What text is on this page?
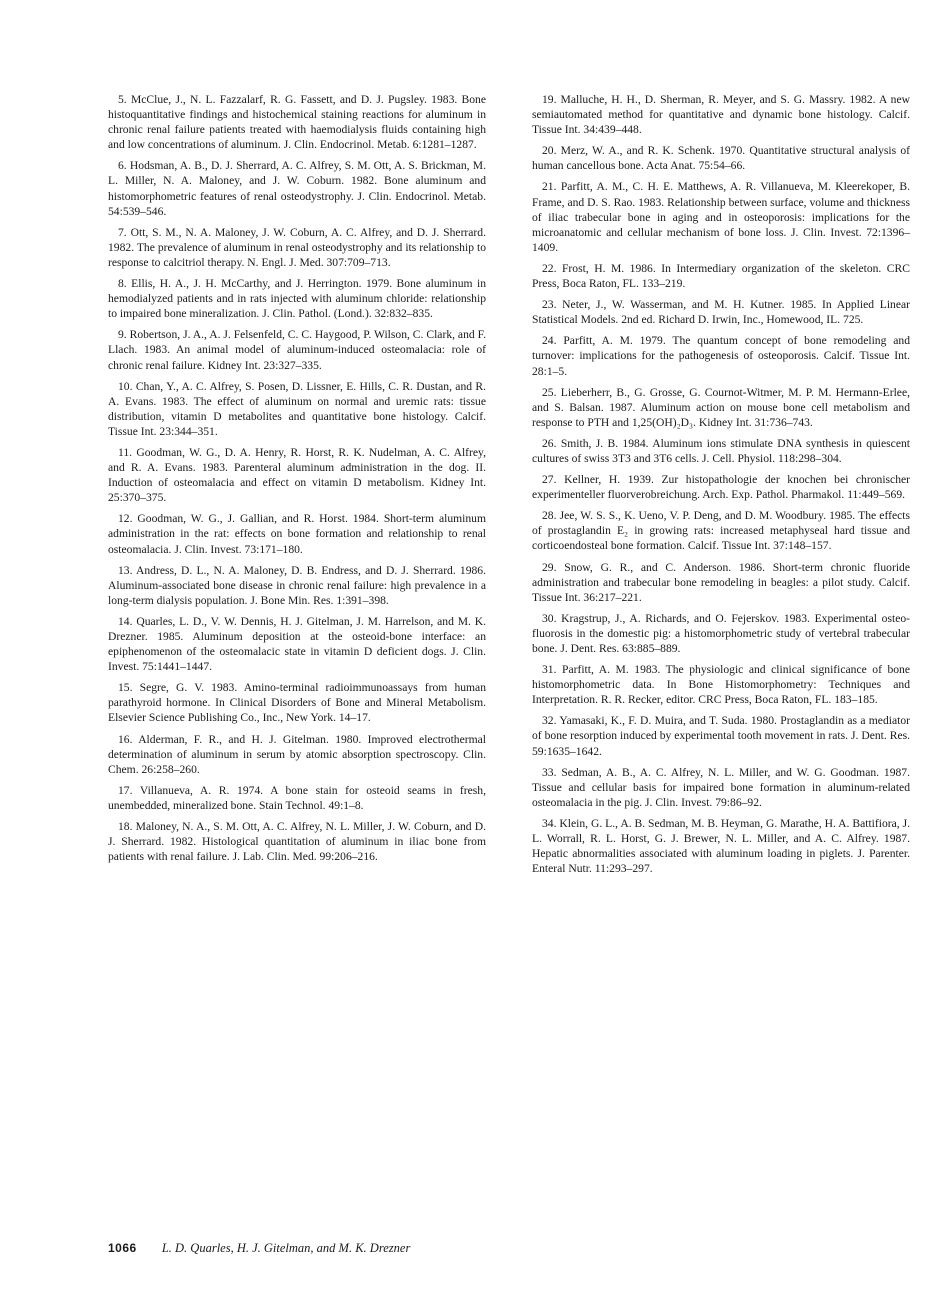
5. McClue, J., N. L. Fazzalarf, R. G. Fassett, and D. J. Pugsley. 1983. Bone histoquantitative findings and histochemical staining reactions for aluminum in chronic renal failure patients treated with haemodialysis fluids containing high and low concentrations of aluminum. J. Clin. Endocrinol. Metab. 6:1281–1287.

6. Hodsman, A. B., D. J. Sherrard, A. C. Alfrey, S. M. Ott, A. S. Brickman, M. L. Miller, N. A. Maloney, and J. W. Coburn. 1982. Bone aluminum and histomorphometric features of renal osteodystrophy. J. Clin. Endocrinol. Metab. 54:539–546.

7. Ott, S. M., N. A. Maloney, J. W. Coburn, A. C. Alfrey, and D. J. Sherrard. 1982. The prevalence of aluminum in renal osteodystrophy and its relationship to response to calcitriol therapy. N. Engl. J. Med. 307:709–713.

8. Ellis, H. A., J. H. McCarthy, and J. Herrington. 1979. Bone aluminum in hemodialyzed patients and in rats injected with aluminum chloride: relationship to impaired bone mineralization. J. Clin. Pathol. (Lond.). 32:832–835.

9. Robertson, J. A., A. J. Felsenfeld, C. C. Haygood, P. Wilson, C. Clark, and F. Llach. 1983. An animal model of aluminum-induced osteomalacia: role of chronic renal failure. Kidney Int. 23:327–335.

10. Chan, Y., A. C. Alfrey, S. Posen, D. Lissner, E. Hills, C. R. Dustan, and R. A. Evans. 1983. The effect of aluminum on normal and uremic rats: tissue distribution, vitamin D metabolites and quantitative bone histology. Calcif. Tissue Int. 23:344–351.

11. Goodman, W. G., D. A. Henry, R. Horst, R. K. Nudelman, A. C. Alfrey, and R. A. Evans. 1983. Parenteral aluminum administration in the dog. II. Induction of osteomalacia and effect on vitamin D metabolism. Kidney Int. 25:370–375.

12. Goodman, W. G., J. Gallian, and R. Horst. 1984. Short-term aluminum administration in the rat: effects on bone formation and relationship to renal osteomalacia. J. Clin. Invest. 73:171–180.

13. Andress, D. L., N. A. Maloney, D. B. Endress, and D. J. Sherrard. 1986. Aluminum-associated bone disease in chronic renal failure: high prevalence in a long-term dialysis population. J. Bone Min. Res. 1:391–398.

14. Quarles, L. D., V. W. Dennis, H. J. Gitelman, J. M. Harrelson, and M. K. Drezner. 1985. Aluminum deposition at the osteoid-bone interface: an epiphenomenon of the osteomalacic state in vitamin D deficient dogs. J. Clin. Invest. 75:1441–1447.

15. Segre, G. V. 1983. Amino-terminal radioimmunoassays from human parathyroid hormone. In Clinical Disorders of Bone and Mineral Metabolism. Elsevier Science Publishing Co., Inc., New York. 14–17.

16. Alderman, F. R., and H. J. Gitelman. 1980. Improved electrothermal determination of aluminum in serum by atomic absorption spectroscopy. Clin. Chem. 26:258–260.

17. Villanueva, A. R. 1974. A bone stain for osteoid seams in fresh, unembedded, mineralized bone. Stain Technol. 49:1–8.

18. Maloney, N. A., S. M. Ott, A. C. Alfrey, N. L. Miller, J. W. Coburn, and D. J. Sherrard. 1982. Histological quantitation of aluminum in iliac bone from patients with renal failure. J. Lab. Clin. Med. 99:206–216.

19. Malluche, H. H., D. Sherman, R. Meyer, and S. G. Massry. 1982. A new semiautomated method for quantitative and dynamic bone histology. Calcif. Tissue Int. 34:439–448.

20. Merz, W. A., and R. K. Schenk. 1970. Quantitative structural analysis of human cancellous bone. Acta Anat. 75:54–66.

21. Parfitt, A. M., C. H. E. Matthews, A. R. Villanueva, M. Kleerekoper, B. Frame, and D. S. Rao. 1983. Relationship between surface, volume and thickness of iliac trabecular bone in aging and in osteoporosis: implications for the microanatomic and cellular mechanism of bone loss. J. Clin. Invest. 72:1396–1409.

22. Frost, H. M. 1986. In Intermediary organization of the skeleton. CRC Press, Boca Raton, FL. 133–219.

23. Neter, J., W. Wasserman, and M. H. Kutner. 1985. In Applied Linear Statistical Models. 2nd ed. Richard D. Irwin, Inc., Homewood, IL. 725.

24. Parfitt, A. M. 1979. The quantum concept of bone remodeling and turnover: implications for the pathogenesis of osteoporosis. Calcif. Tissue Int. 28:1–5.

25. Lieberherr, B., G. Grosse, G. Cournot-Witmer, M. P. M. Hermann-Erlee, and S. Balsan. 1987. Aluminum action on mouse bone cell metabolism and response to PTH and 1,25(OH)₂D₃. Kidney Int. 31:736–743.

26. Smith, J. B. 1984. Aluminum ions stimulate DNA synthesis in quiescent cultures of swiss 3T3 and 3T6 cells. J. Cell. Physiol. 118:298–304.

27. Kellner, H. 1939. Zur histopathologie der knochen bei chronischer experimenteller fluorverobreichung. Arch. Exp. Pathol. Pharmakol. 11:449–569.

28. Jee, W. S. S., K. Ueno, V. P. Deng, and D. M. Woodbury. 1985. The effects of prostaglandin E₂ in growing rats: increased metaphyseal hard tissue and corticoendosteal bone formation. Calcif. Tissue Int. 37:148–157.

29. Snow, G. R., and C. Anderson. 1986. Short-term chronic fluoride administration and trabecular bone remodeling in beagles: a pilot study. Calcif. Tissue Int. 36:217–221.

30. Kragstrup, J., A. Richards, and O. Fejerskov. 1983. Experimental osteo-fluorosis in the domestic pig: a histomorphometric study of vertebral trabecular bone. J. Dent. Res. 63:885–889.

31. Parfitt, A. M. 1983. The physiologic and clinical significance of bone histomorphometric data. In Bone Histomorphometry: Techniques and Interpretation. R. R. Recker, editor. CRC Press, Boca Raton, FL. 183–185.

32. Yamasaki, K., F. D. Muira, and T. Suda. 1980. Prostaglandin as a mediator of bone resorption induced by experimental tooth movement in rats. J. Dent. Res. 59:1635–1642.

33. Sedman, A. B., A. C. Alfrey, N. L. Miller, and W. G. Goodman. 1987. Tissue and cellular basis for impaired bone formation in aluminum-related osteomalacia in the pig. J. Clin. Invest. 79:86–92.

34. Klein, G. L., A. B. Sedman, M. B. Heyman, G. Marathe, H. A. Battifiora, J. L. Worrall, R. L. Horst, G. J. Brewer, N. L. Miller, and A. C. Alfrey. 1987. Hepatic abnormalities associated with aluminum loading in piglets. J. Parenter. Enteral Nutr. 11:293–297.

1066 L. D. Quarles, H. J. Gitelman, and M. K. Drezner
